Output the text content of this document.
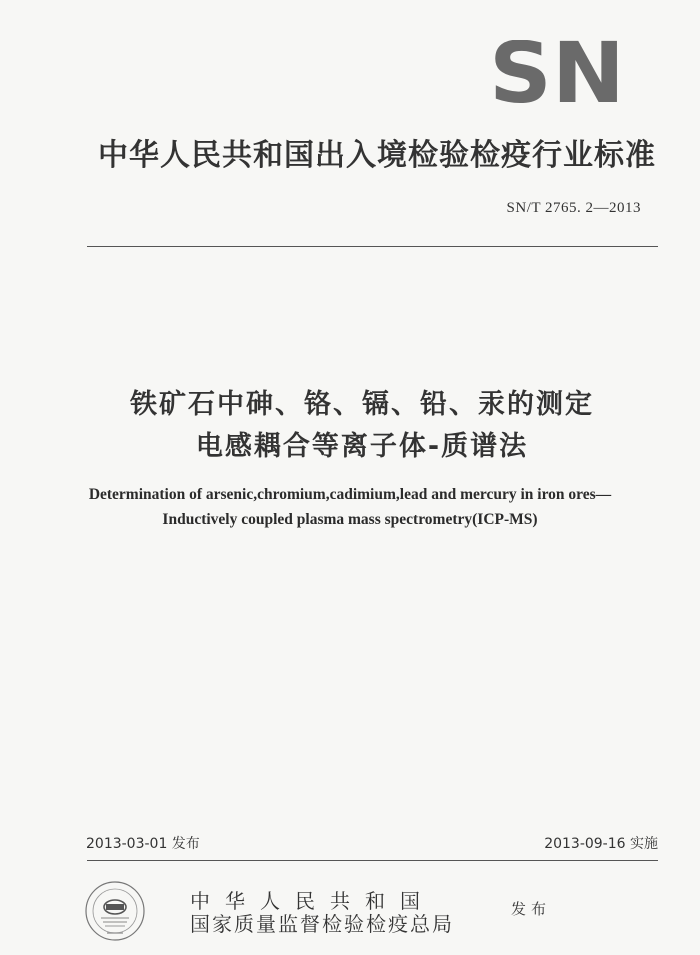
SN
中华人民共和国出入境检验检疫行业标准
SN/T 2765. 2—2013
铁矿石中砷、铬、镉、铅、汞的测定
电感耦合等离子体-质谱法
Determination of arsenic,chromium,cadimium,lead and mercury in iron ores—
Inductively coupled plasma mass spectrometry(ICP-MS)
2013-03-01 发布	2013-09-16 实施
中华人民共和国
国家质量监督检验检疫总局
发布
